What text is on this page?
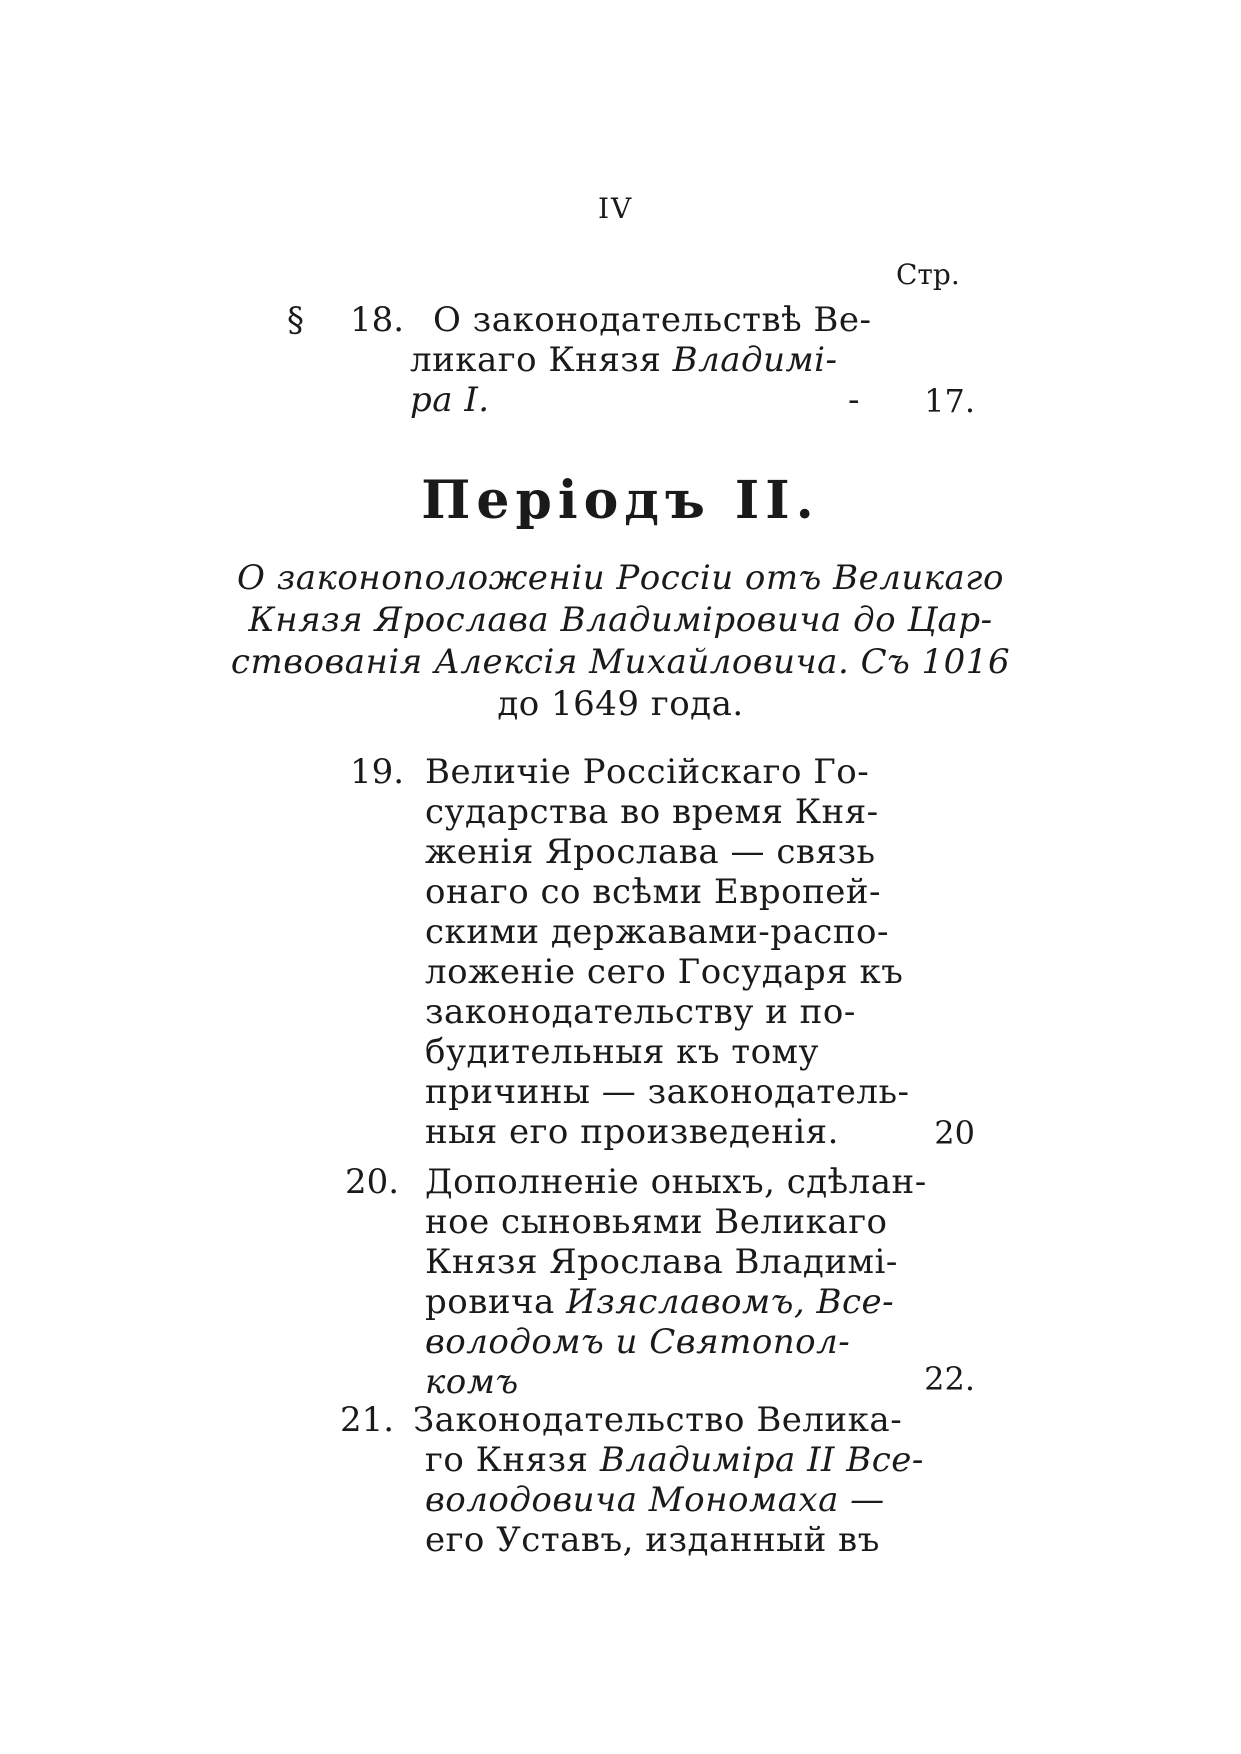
IV
Стр.
§ 18. О законодательствѣ Ве-
ликаго Князя Владимі-
ра I.	-	17.
Періодъ II.
О законоположеніи Россіи отъ Великаго
Князя Ярослава Владиміровича до Цар-
ствованія Алексія Михайловича. Съ 1016
до 1649 года.
19. Величіе Россійскаго Го-
сударства во время Кня-
женія Ярослава — связь
онаго со всѣми Европей-
скими державами-распо-
ложеніе сего Государя къ
законодательству и по-
будительныя къ тому
причины — законодатель-
ныя его произведенія.	20
20. Дополненіе оныхъ, сдѣлан-
ное сыновьями Великаго
Князя Ярослава Владимі-
ровича Изяславомъ, Все-
володомъ и Святопол-
комъ	22.
21. Законодательство Велика-
го Князя Владиміра II Все-
володовича Мономаха —
его Уставъ, изданный въ
